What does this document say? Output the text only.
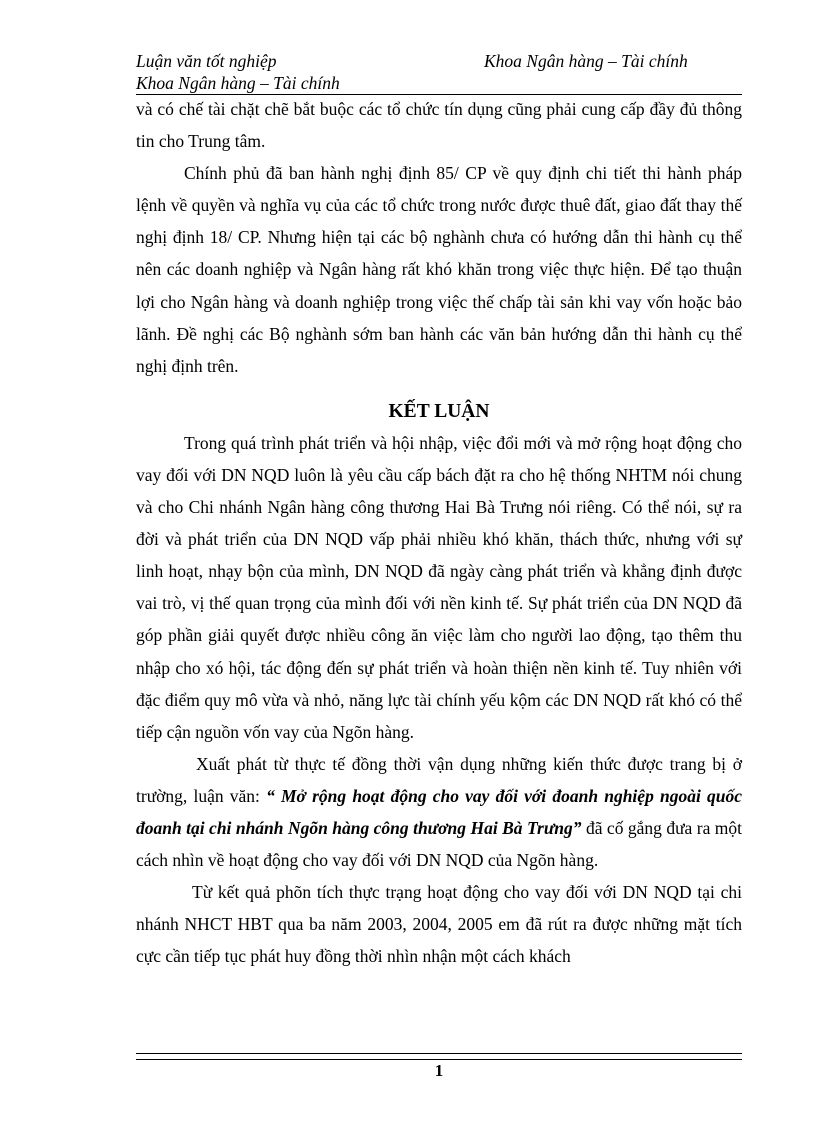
Luận văn tốt nghiệp	Khoa Ngân hàng – Tài chính
Khoa Ngân hàng – Tài chính

và có chế tài chặt chẽ bắt buộc các tổ chức tín dụng cũng phải cung cấp đầy đủ thông tin cho Trung tâm.

Chính phủ đã ban hành nghị định 85/ CP về quy định chi tiết thi hành pháp lệnh về quyền và nghĩa vụ của các tổ chức trong nước được thuê đất, giao đất thay thế nghị định 18/ CP. Nhưng hiện tại các bộ nghành chưa có hướng dẫn thi hành cụ thể nên các doanh nghiệp và Ngân hàng rất khó khăn trong việc thực hiện. Để tạo thuận lợi cho Ngân hàng và doanh nghiệp trong việc thế chấp tài sản khi vay vốn hoặc bảo lãnh. Đề nghị các Bộ nghành sớm ban hành các văn bản hướng dẫn thi hành cụ thể nghị định trên.

KẾT LUẬN

Trong quá trình phát triển và hội nhập, việc đổi mới và mở rộng hoạt động cho vay đối với DN NQD luôn là yêu cầu cấp bách đặt ra cho hệ thống NHTM nói chung và cho Chi nhánh Ngân hàng công thương Hai Bà Trưng nói riêng. Có thể nói, sự ra đời và phát triển của DN NQD vấp phải nhiều khó khăn, thách thức, nhưng với sự linh hoạt, nhạy bộn của mình, DN NQD đã ngày càng phát triển và khẳng định được vai trò, vị thế quan trọng của mình đối với nền kinh tế. Sự phát triển của DN NQD đã góp phần giải quyết được nhiều công ăn việc làm cho người lao động, tạo thêm thu nhập cho xó hội, tác động đến sự phát triển và hoàn thiện nền kinh tế. Tuy nhiên với đặc điểm quy mô vừa và nhỏ, năng lực tài chính yếu kộm các DN NQD rất khó có thể tiếp cận nguồn vốn vay của Ngõn hàng.

Xuất phát từ thực tế đồng thời vận dụng những kiến thức được trang bị ở trường, luận văn: “ Mở rộng hoạt động cho vay đối với đoanh nghiệp ngoài quốc đoanh tại chi nhánh Ngõn hàng công thương Hai Bà Trưng” đã cố gắng đưa ra một cách nhìn về hoạt động cho vay đối với DN NQD của Ngõn hàng.

Từ kết quả phõn tích thực trạng hoạt động cho vay đối với DN NQD tại chi nhánh NHCT HBT qua ba năm 2003, 2004, 2005 em đã rút ra được những mặt tích cực cần tiếp tục phát huy đồng thời nhìn nhận một cách khách

1
